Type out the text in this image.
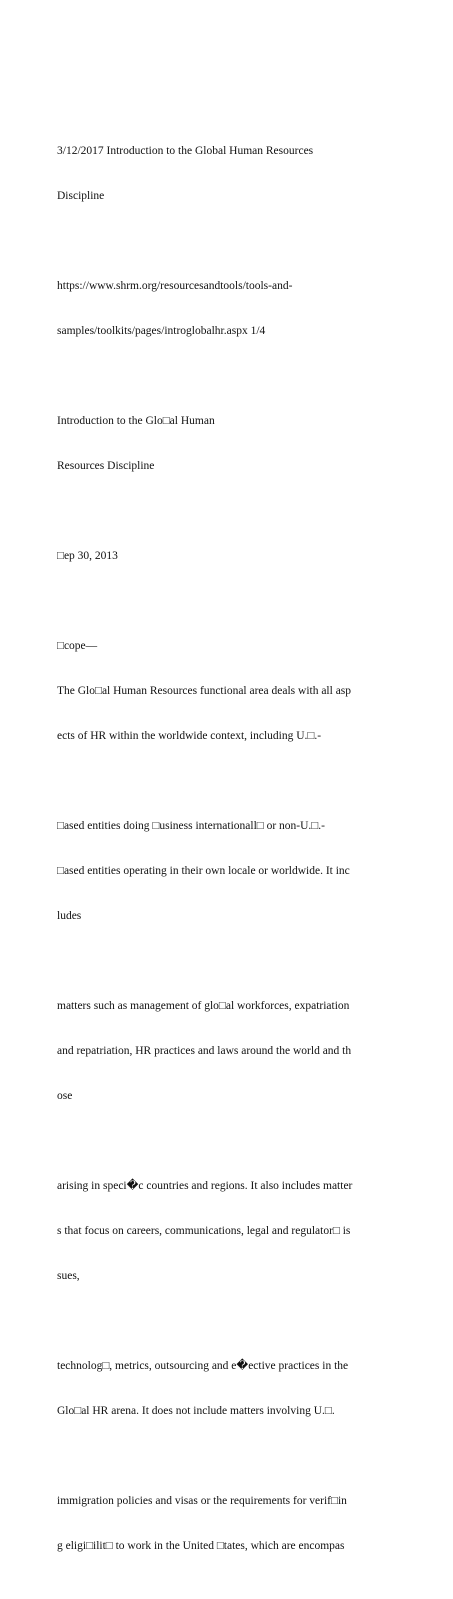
3/12/2017 Introduction to the Global Human Resources

Discipline

https://www.shrm.org/resourcesandtools/tools-and-

samples/toolkits/pages/introglobalhr.aspx 1/4

Introduction to the Glo□al Human

Resources Discipline

□ep 30, 2013

□cope—

The Glo□al Human Resources functional area deals with all asp

ects of HR within the worldwide context, including U.□.-

□ased entities doing □usiness internationall□ or non-U.□.-

□ased entities operating in their own locale or worldwide. It inc

ludes

matters such as management of glo□al workforces, expatriation

and repatriation, HR practices and laws around the world and th

ose

arising in speci�c countries and regions. It also includes matter

s that focus on careers, communications, legal and regulator□ is

sues,

technolog□, metrics, outsourcing and e�ective practices in the

Glo□al HR arena. It does not include matters involving U.□.

immigration policies and visas or the requirements for verif□in

g eligi□ilit□ to work in the United □tates, which are encompas
